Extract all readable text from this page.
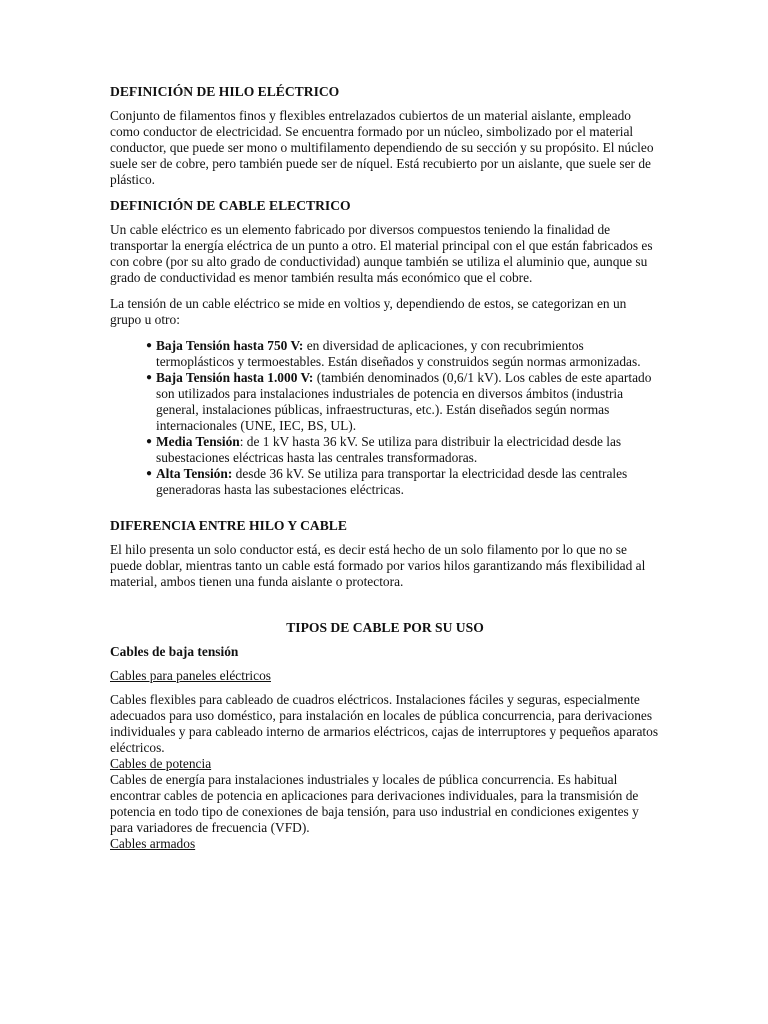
DEFINICIÓN DE HILO ELÉCTRICO

Conjunto de filamentos finos y flexibles entrelazados cubiertos de un material aislante, empleado como conductor de electricidad. Se encuentra formado por un núcleo, simbolizado por el material conductor, que puede ser mono o multifilamento dependiendo de su sección y su propósito. El núcleo suele ser de cobre, pero también puede ser de níquel. Está recubierto por un aislante, que suele ser de plástico.

DEFINICIÓN DE CABLE ELECTRICO

Un cable eléctrico es un elemento fabricado por diversos compuestos teniendo la finalidad de transportar la energía eléctrica de un punto a otro. El material principal con el que están fabricados es con cobre (por su alto grado de conductividad) aunque también se utiliza el aluminio que, aunque su grado de conductividad es menor también resulta más económico que el cobre.

La tensión de un cable eléctrico se mide en voltios y, dependiendo de estos, se categorizan en un grupo u otro:

● Baja Tensión hasta 750 V: en diversidad de aplicaciones, y con recubrimientos termoplásticos y termoestables. Están diseñados y construidos según normas armonizadas.
● Baja Tensión hasta 1.000 V: (también denominados (0,6/1 kV). Los cables de este apartado son utilizados para instalaciones industriales de potencia en diversos ámbitos (industria general, instalaciones públicas, infraestructuras, etc.). Están diseñados según normas internacionales (UNE, IEC, BS, UL).
● Media Tensión: de 1 kV hasta 36 kV. Se utiliza para distribuir la electricidad desde las subestaciones eléctricas hasta las centrales transformadoras.
● Alta Tensión: desde 36 kV. Se utiliza para transportar la electricidad desde las centrales generadoras hasta las subestaciones eléctricas.
DIFERENCIA ENTRE HILO Y CABLE

El hilo presenta un solo conductor está, es decir está hecho de un solo filamento por lo que no se puede doblar, mientras tanto un cable está formado por varios hilos garantizando más flexibilidad al material, ambos tienen una funda aislante o protectora.

TIPOS DE CABLE POR SU USO

Cables de baja tensión

Cables para paneles eléctricos

Cables flexibles para cableado de cuadros eléctricos. Instalaciones fáciles y seguras, especialmente adecuados para uso doméstico, para instalación en locales de pública concurrencia, para derivaciones individuales y para cableado interno de armarios eléctricos, cajas de interruptores y pequeños aparatos eléctricos.

Cables de potencia

Cables de energía para instalaciones industriales y locales de pública concurrencia. Es habitual encontrar cables de potencia en aplicaciones para derivaciones individuales, para la transmisión de potencia en todo tipo de conexiones de baja tensión, para uso industrial en condiciones exigentes y para variadores de frecuencia (VFD).

Cables armados
